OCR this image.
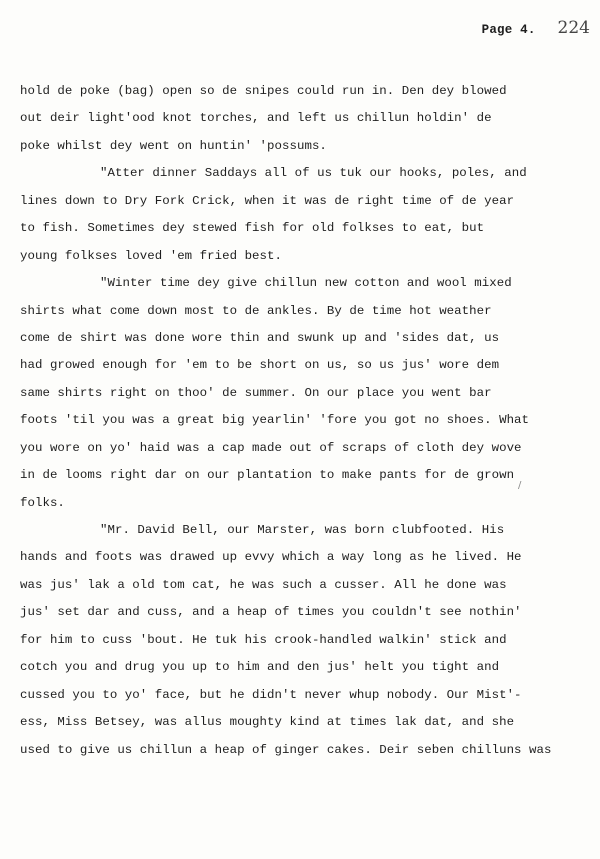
Page 4. 224
hold de poke (bag) open so de snipes could run in. Den dey blowed
out deir light'ood knot torches, and left us chillun holdin' de
poke whilst dey went on huntin' 'possums.
"Atter dinner Saddays all of us tuk our hooks, poles, and
lines down to Dry Fork Crick, when it was de right time of de year
to fish. Sometimes dey stewed fish for old folkses to eat, but
young folkses loved 'em fried best.
"Winter time dey give chillun new cotton and wool mixed
shirts what come down most to de ankles. By de time hot weather
come de shirt was done wore thin and swunk up and 'sides dat, us
had growed enough for 'em to be short on us, so us jus' wore dem
same shirts right on thoo' de summer. On our place you went bar
foots 'til you was a great big yearlin' 'fore you got no shoes. What
you wore on yo' haid was a cap made out of scraps of cloth dey wove
in de looms right dar on our plantation to make pants for de grown
folks.
"Mr. David Bell, our Marster, was born clubfooted. His
hands and foots was drawed up evvy which a way long as he lived. He
was jus' lak a old tom cat, he was such a cusser. All he done was
jus' set dar and cuss, and a heap of times you couldn't see nothin'
for him to cuss 'bout. He tuk his crook-handled walkin' stick and
cotch you and drug you up to him and den jus' helt you tight and
cussed you to yo' face, but he didn't never whup nobody. Our Mist'-
ess, Miss Betsey, was allus moughty kind at times lak dat, and she
used to give us chillun a heap of ginger cakes. Deir seben chilluns was
/
